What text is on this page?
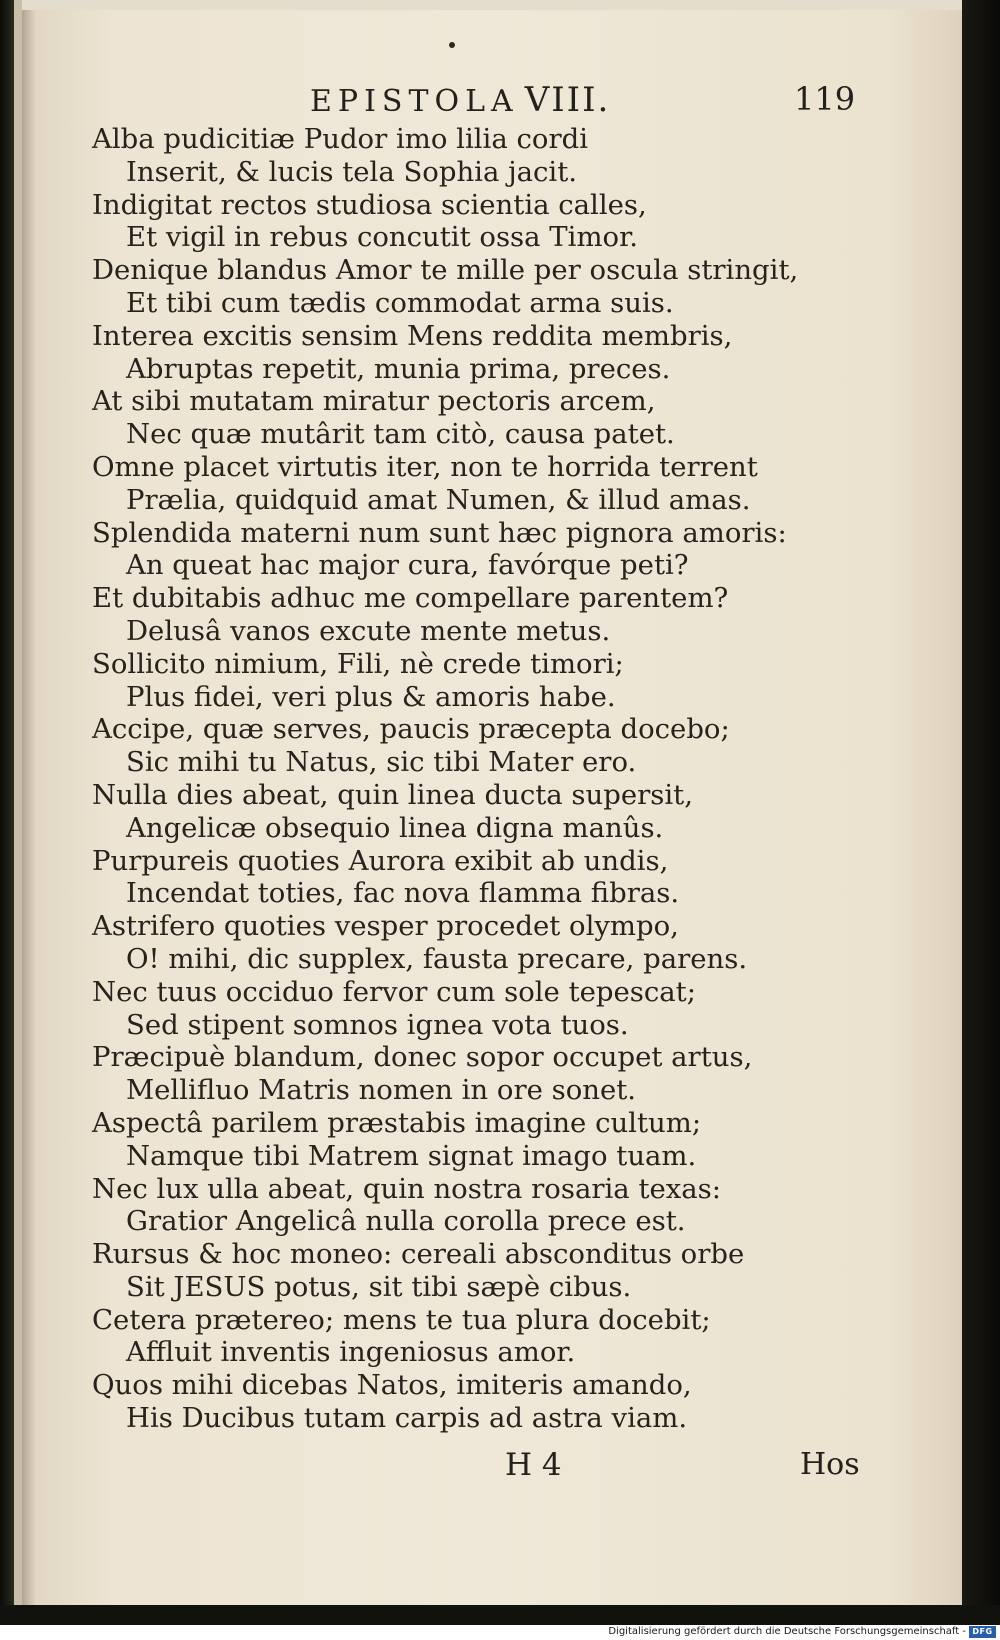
EPISTOLA VIII.	119
Alba pudicitiæ Pudor imo lilia cordi
Inserit, & lucis tela Sophia jacit.
Indigitat rectos studiosa scientia calles,
Et vigil in rebus concutit ossa Timor.
Denique blandus Amor te mille per oscula stringit,
Et tibi cum tædis commodat arma suis.
Interea excitis sensim Mens reddita membris,
Abruptas repetit, munia prima, preces.
At sibi mutatam miratur pectoris arcem,
Nec quæ mutârit tam citò, causa patet.
Omne placet virtutis iter, non te horrida terrent
Prælia, quidquid amat Numen, & illud amas.
Splendida materni num sunt hæc pignora amoris:
An queat hac major cura, favórque peti?
Et dubitabis adhuc me compellare parentem?
Delusâ vanos excute mente metus.
Sollicito nimium, Fili, nè crede timori;
Plus fidei, veri plus & amoris habe.
Accipe, quæ serves, paucis præcepta docebo;
Sic mihi tu Natus, sic tibi Mater ero.
Nulla dies abeat, quin linea ducta supersit,
Angelicæ obsequio linea digna manûs.
Purpureis quoties Aurora exibit ab undis,
Incendat toties, fac nova flamma fibras.
Astrifero quoties vesper procedet olympo,
O! mihi, dic supplex, fausta precare, parens.
Nec tuus occiduo fervor cum sole tepescat;
Sed stipent somnos ignea vota tuos.
Præcipuè blandum, donec sopor occupet artus,
Mellifluo Matris nomen in ore sonet.
Aspectâ parilem præstabis imagine cultum;
Namque tibi Matrem signat imago tuam.
Nec lux ulla abeat, quin nostra rosaria texas:
Gratior Angelicâ nulla corolla prece est.
Rursus & hoc moneo: cereali absconditus orbe
Sit JESUS potus, sit tibi sæpè cibus.
Cetera prætereo; mens te tua plura docebit;
Affluit inventis ingeniosus amor.
Quos mihi dicebas Natos, imiteris amando,
His Ducibus tutam carpis ad astra viam.
H 4	Hos
Digitalisierung gefördert durch die Deutsche Forschungsgemeinschaft - DFG
